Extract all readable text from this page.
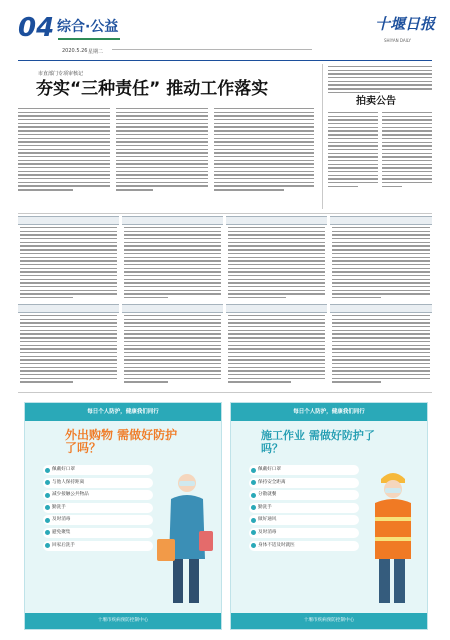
04 综合·公益
2020.5.26 星期二
十堰日报
SHIYAN DAILY
市直部门专项审核记
夯实“三种责任” 推动工作落实
拍卖公告
每日个人防护，健康我们同行
外出购物 需做好防护了吗？
佩戴好口罩
与他人保持距离
减少接触公共物品
勤洗手
及时消毒
避免聚集
回家后洗手
十堰市疾病预防控制中心
每日个人防护，健康我们同行
施工作业 需做好防护了吗？
佩戴好口罩
保持安全距离
分散就餐
勤洗手
做好通风
及时消毒
身体不适及时就医
十堰市疾病预防控制中心
